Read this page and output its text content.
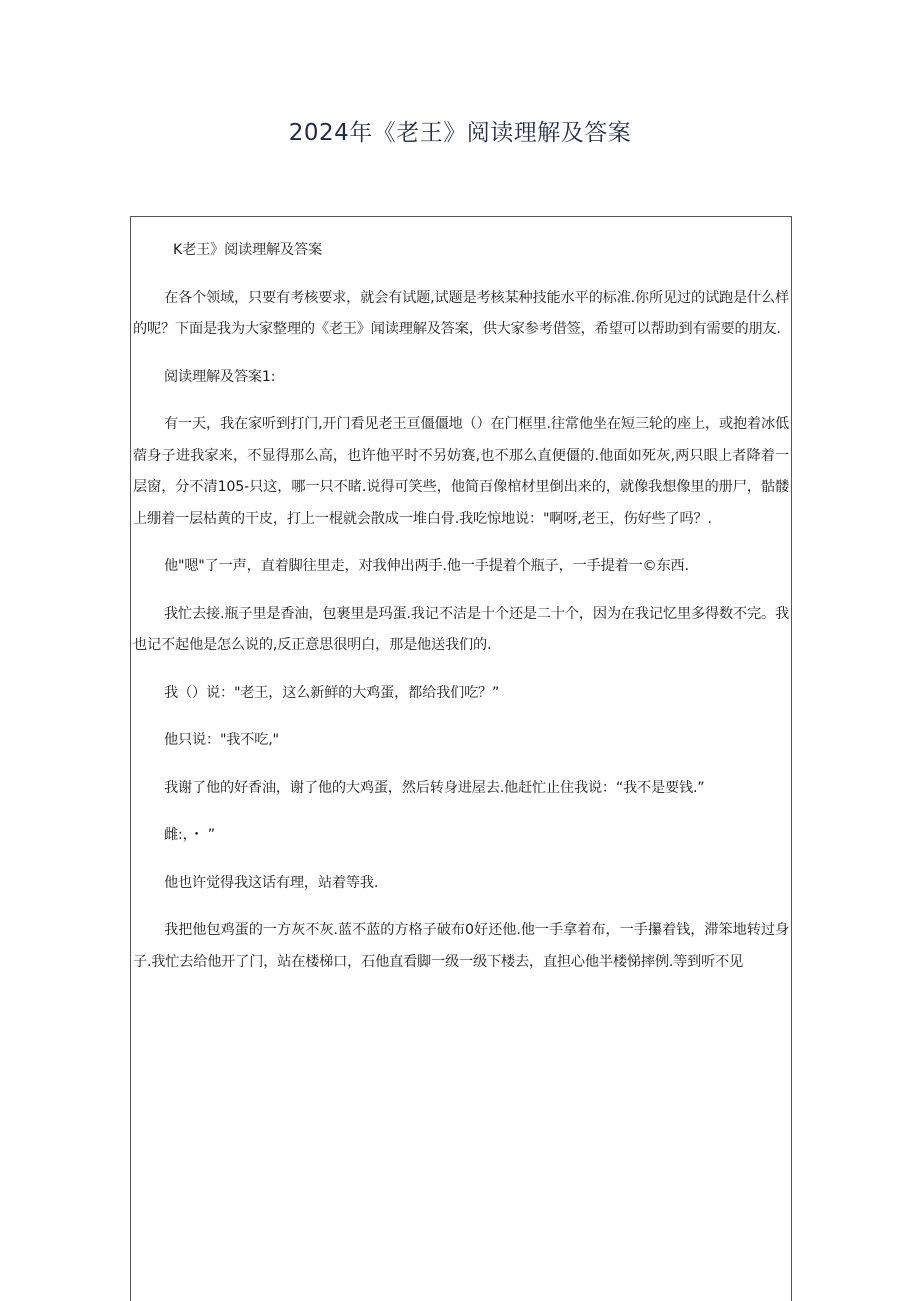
2024年《老王》阅读理解及答案

K老王》阅读理解及答案

在各个领域，只要有考核要求，就会有试题,试题是考核某种技能水平的标准.你所见过的试跑是什么样的呢？下面是我为大家整理的《老王》闻读理解及答案，供大家参考借签，希望可以帮助到有需要的朋友.

阅读理解及答案1:

有一天，我在家听到打门,开门看见老王亘僵僵地（）在门框里.往常他坐在短三轮的座上，或抱着冰低蓿身子进我家来，不显得那么高，也许他平时不另妨赛,也不那么直便僵的.他面如死灰,两只眼上者降着一层窗，分不清105-只这，哪一只不睹.说得可笑些，他简百像棺材里倒出来的，就像我想像里的册尸，骷髅上绷着一层枯黄的干皮，打上一棍就会散成一堆白骨.我吃惊地说："啊呀,老王，伤好些了吗？.

他"嗯"了一声，直着脚往里走，对我伸出两手.他一手提着个瓶子，一手提着一©东西.

我忙去接.瓶子里是香油，包裹里是玛蛋.我记不洁是十个还是二十个，因为在我记忆里多得数不完。我也记不起他是怎么说的,反正意思很明白，那是他送我们的.

我（）说："老王，这么新鲜的大鸡蛋，都给我们吃？”

他只说："我不吃,"

我谢了他的好香油，谢了他的大鸡蛋，然后转身进屋去.他赶忙止住我说：“我不是要钱.”

雌:，・ ”

他也许觉得我这话有理，站着等我.

我把他包鸡蛋的一方灰不灰.蓝不蓝的方格子破布0好还他.他一手拿着布，一手攥着钱，滞笨地转过身子.我忙去给他开了门，站在楼梯口，石他直看脚一级一级下楼去，直担心他半楼悌摔例.等到听不见
